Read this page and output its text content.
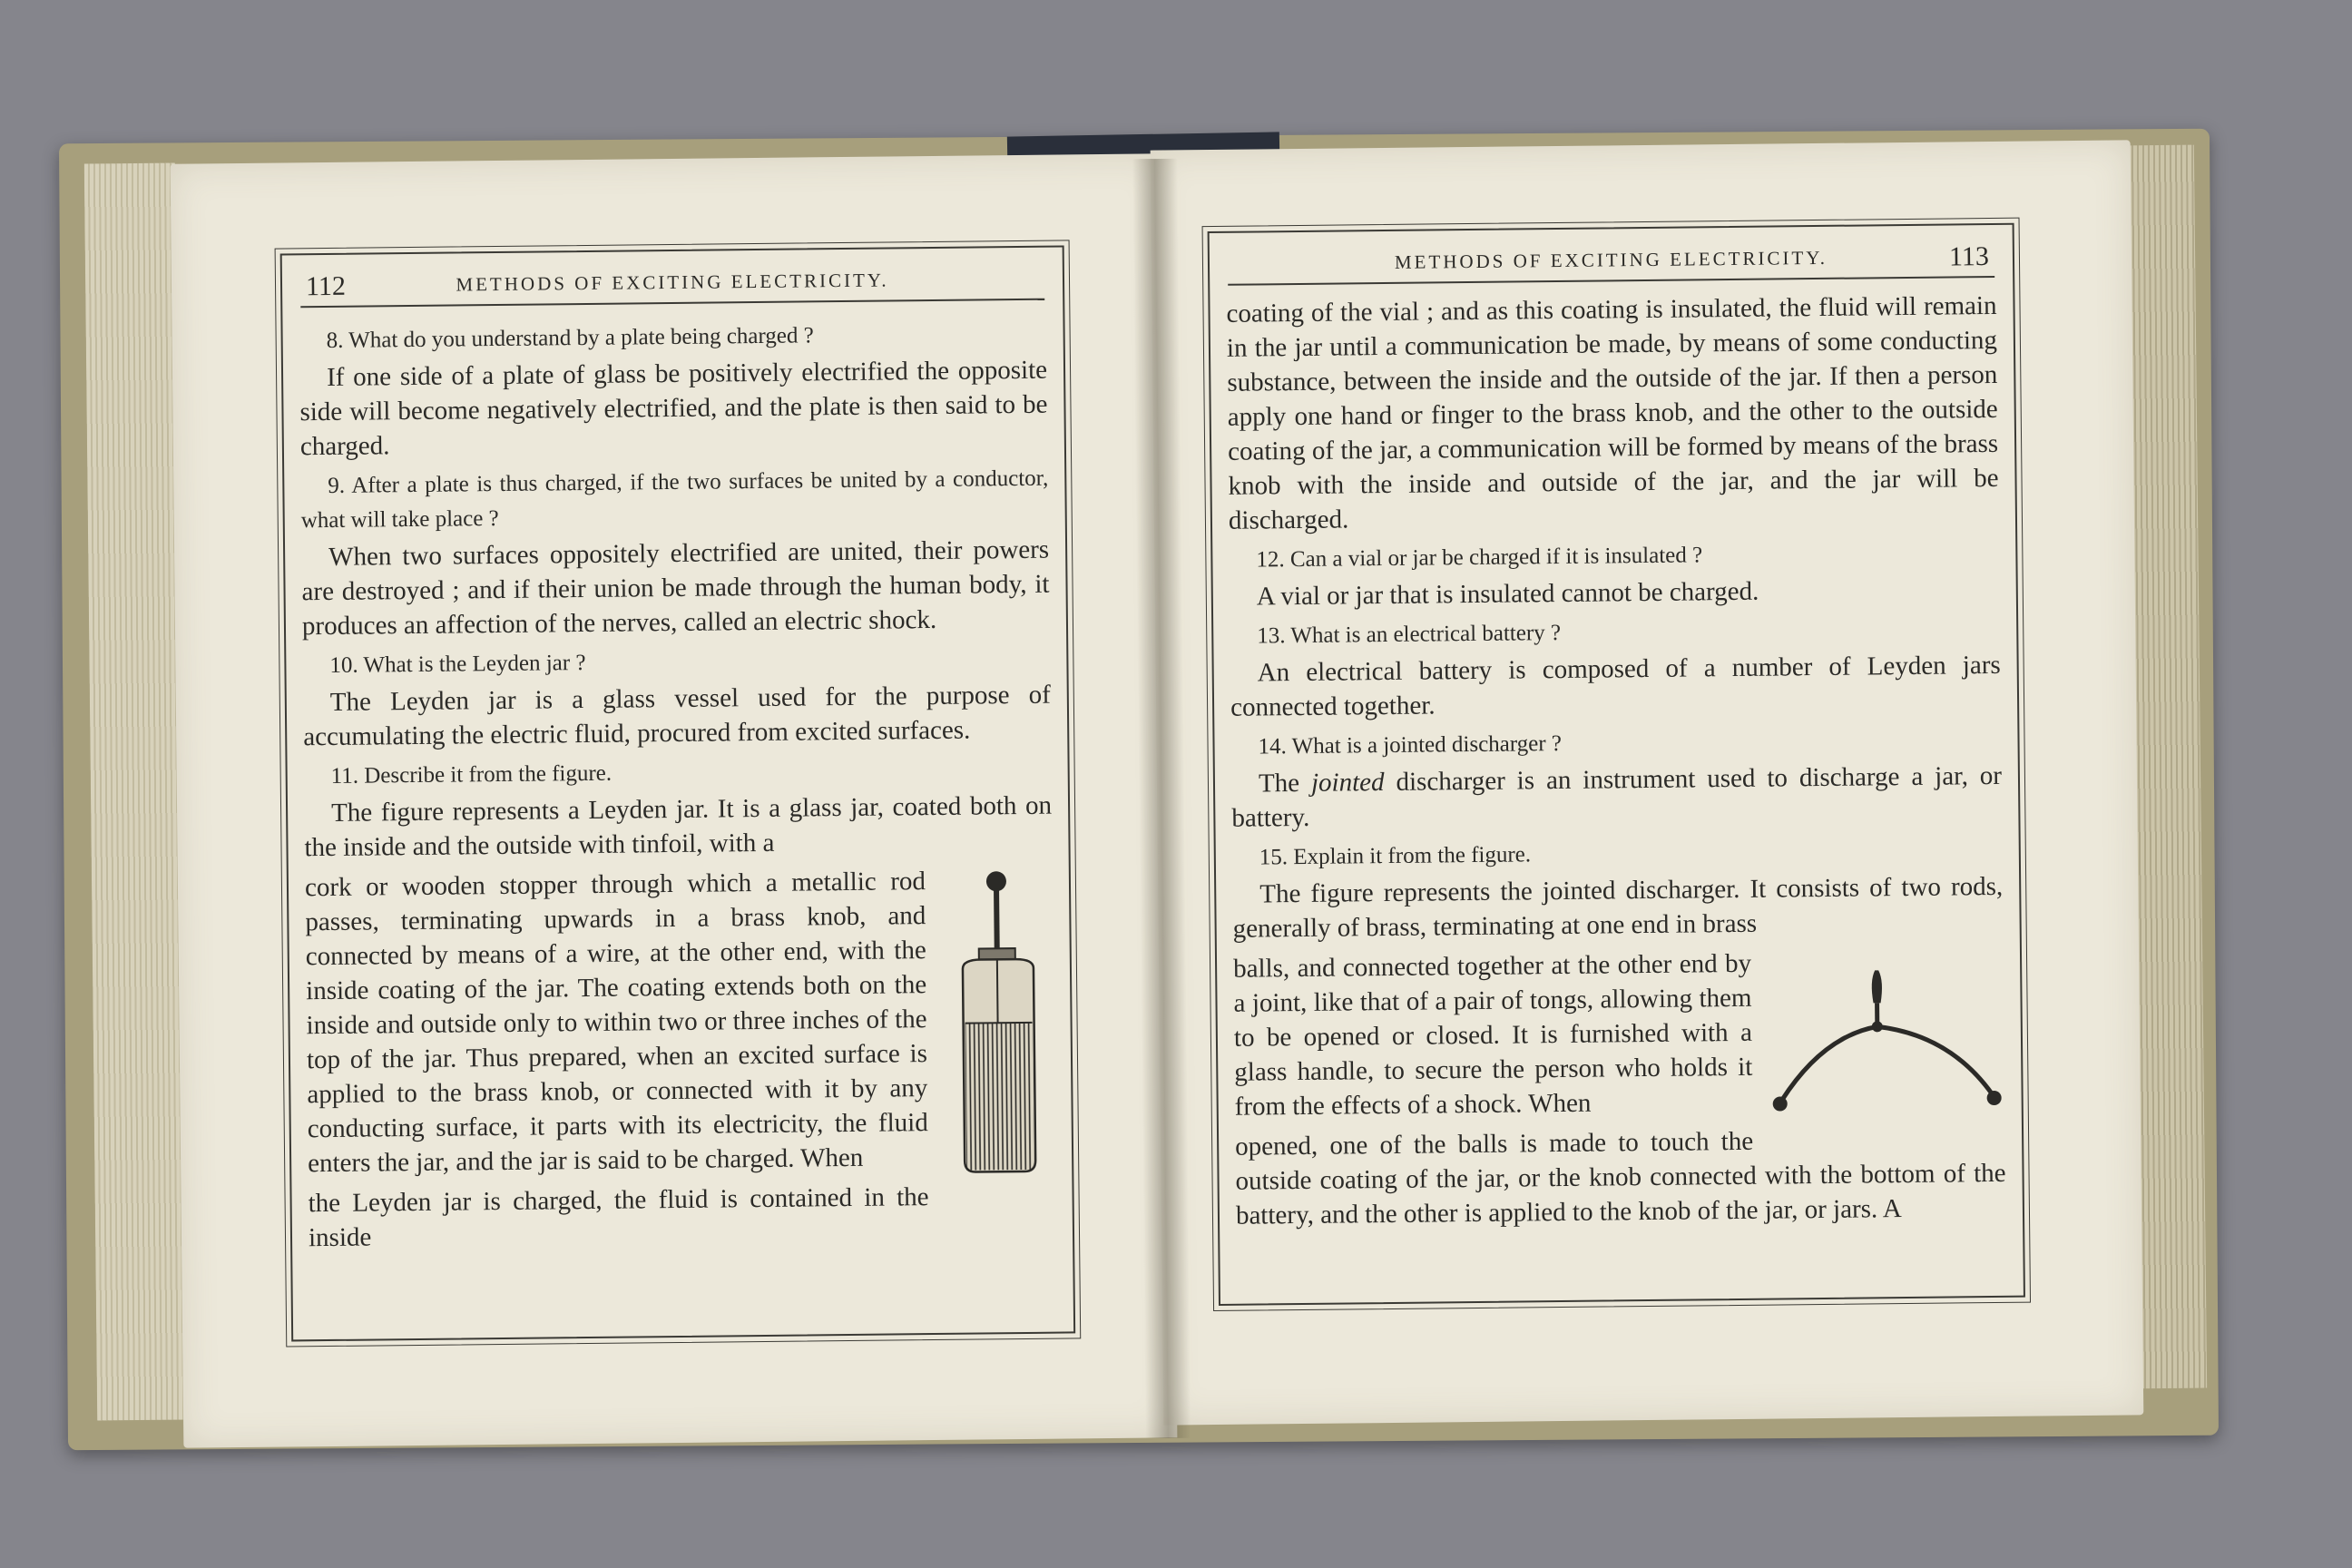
112	METHODS OF EXCITING ELECTRICITY.

8. What do you understand by a plate being charged ?

If one side of a plate of glass be positively electrified the opposite side will become negatively electrified, and the plate is then said to be charged.

9. After a plate is thus charged, if the two surfaces be united by a conductor, what will take place ?

When two surfaces oppositely electrified are united, their powers are destroyed ; and if their union be made through the human body, it produces an affection of the nerves, called an electric shock.

10. What is the Leyden jar ?

The Leyden jar is a glass vessel used for the purpose of accumulating the electric fluid, procured from excited surfaces.

11. Describe it from the figure.

The figure represents a Leyden jar. It is a glass jar, coated both on the inside and the outside with tinfoil, with a

cork or wooden stopper through which a metallic rod passes, terminating upwards in a brass knob, and connected by means of a wire, at the other end, with the inside coating of the jar. The coating extends both on the inside and outside only to within two or three inches of the top of the jar. Thus prepared, when an excited surface is applied to the brass knob, or connected with it by any conducting surface, it parts with its electricity, the fluid enters the jar, and the jar is said to be charged. When

the Leyden jar is charged, the fluid is contained in the inside

METHODS OF EXCITING ELECTRICITY.	113

coating of the vial ; and as this coating is insulated, the fluid will remain in the jar until a communication be made, by means of some conducting substance, between the inside and the outside of the jar. If then a person apply one hand or finger to the brass knob, and the other to the outside coating of the jar, a communication will be formed by means of the brass knob with the inside and outside of the jar, and the jar will be discharged.

12. Can a vial or jar be charged if it is insulated ?

A vial or jar that is insulated cannot be charged.

13. What is an electrical battery ?

An electrical battery is composed of a number of Leyden jars connected together.

14. What is a jointed discharger ?

The jointed discharger is an instrument used to discharge a jar, or battery.

15. Explain it from the figure.

The figure represents the jointed discharger. It consists of two rods, generally of brass, terminating at one end in brass

balls, and connected together at the other end by a joint, like that of a pair of tongs, allowing them to be opened or closed. It is furnished with a glass handle, to secure the person who holds it from the effects of a shock. When

opened, one of the balls is made to touch the outside coating of the jar, or the knob connected with the bottom of the battery, and the other is applied to the knob of the jar, or jars. A
